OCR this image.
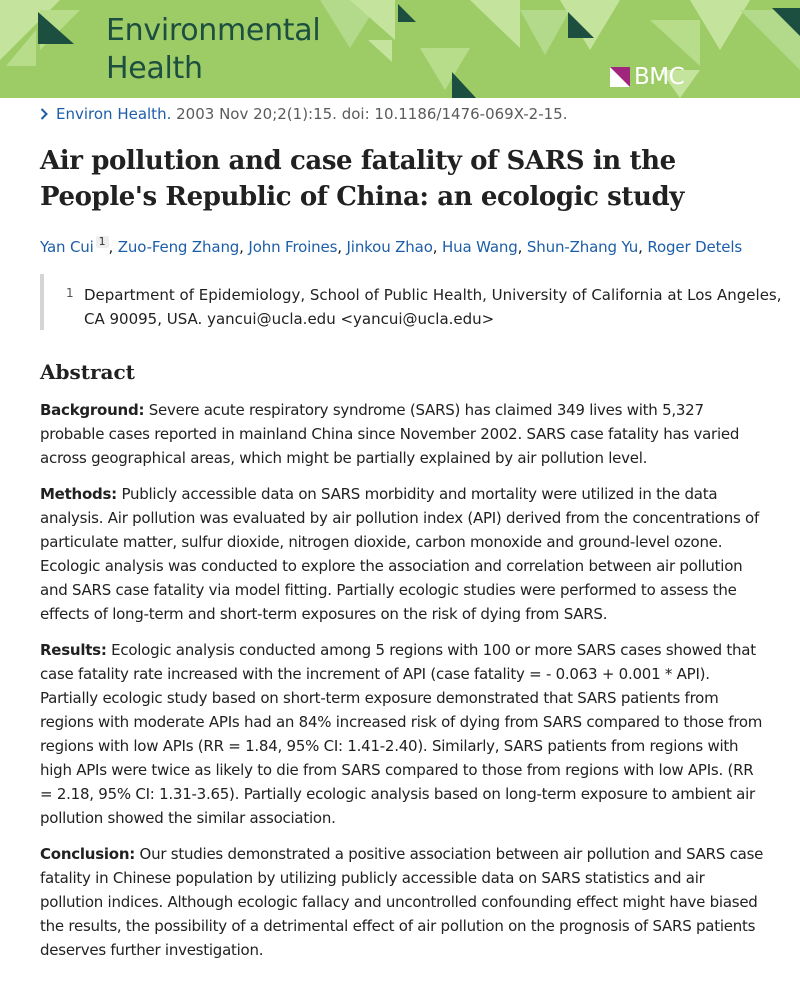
Environmental
Health	BMC
Environ Health. 2003 Nov 20;2(1):15. doi: 10.1186/1476-069X-2-15.
Air pollution and case fatality of SARS in the People's Republic of China: an ecologic study
Yan Cui $^1$ , Zuo-Feng Zhang, John Froines, Jinkou Zhao, Hua Wang, Shun-Zhang Yu, Roger Detels
1 Department of Epidemiology, School of Public Health, University of California at Los Angeles, CA 90095, USA. yancui@ucla.edu <yancui@ucla.edu>
Abstract

Background: Severe acute respiratory syndrome (SARS) has claimed 349 lives with 5,327 probable cases reported in mainland China since November 2002. SARS case fatality has varied across geographical areas, which might be partially explained by air pollution level.

Methods: Publicly accessible data on SARS morbidity and mortality were utilized in the data analysis. Air pollution was evaluated by air pollution index (API) derived from the concentrations of particulate matter, sulfur dioxide, nitrogen dioxide, carbon monoxide and ground-level ozone. Ecologic analysis was conducted to explore the association and correlation between air pollution and SARS case fatality via model fitting. Partially ecologic studies were performed to assess the effects of long-term and short-term exposures on the risk of dying from SARS.

Results: Ecologic analysis conducted among 5 regions with 100 or more SARS cases showed that case fatality rate increased with the increment of API (case fatality = - 0.063 + 0.001 * API). Partially ecologic study based on short-term exposure demonstrated that SARS patients from regions with moderate APIs had an 84% increased risk of dying from SARS compared to those from regions with low APIs (RR = 1.84, 95% CI: 1.41-2.40). Similarly, SARS patients from regions with high APIs were twice as likely to die from SARS compared to those from regions with low APIs. (RR = 2.18, 95% CI: 1.31-3.65). Partially ecologic analysis based on long-term exposure to ambient air pollution showed the similar association.

Conclusion: Our studies demonstrated a positive association between air pollution and SARS case fatality in Chinese population by utilizing publicly accessible data on SARS statistics and air pollution indices. Although ecologic fallacy and uncontrolled confounding effect might have biased the results, the possibility of a detrimental effect of air pollution on the prognosis of SARS patients deserves further investigation.
